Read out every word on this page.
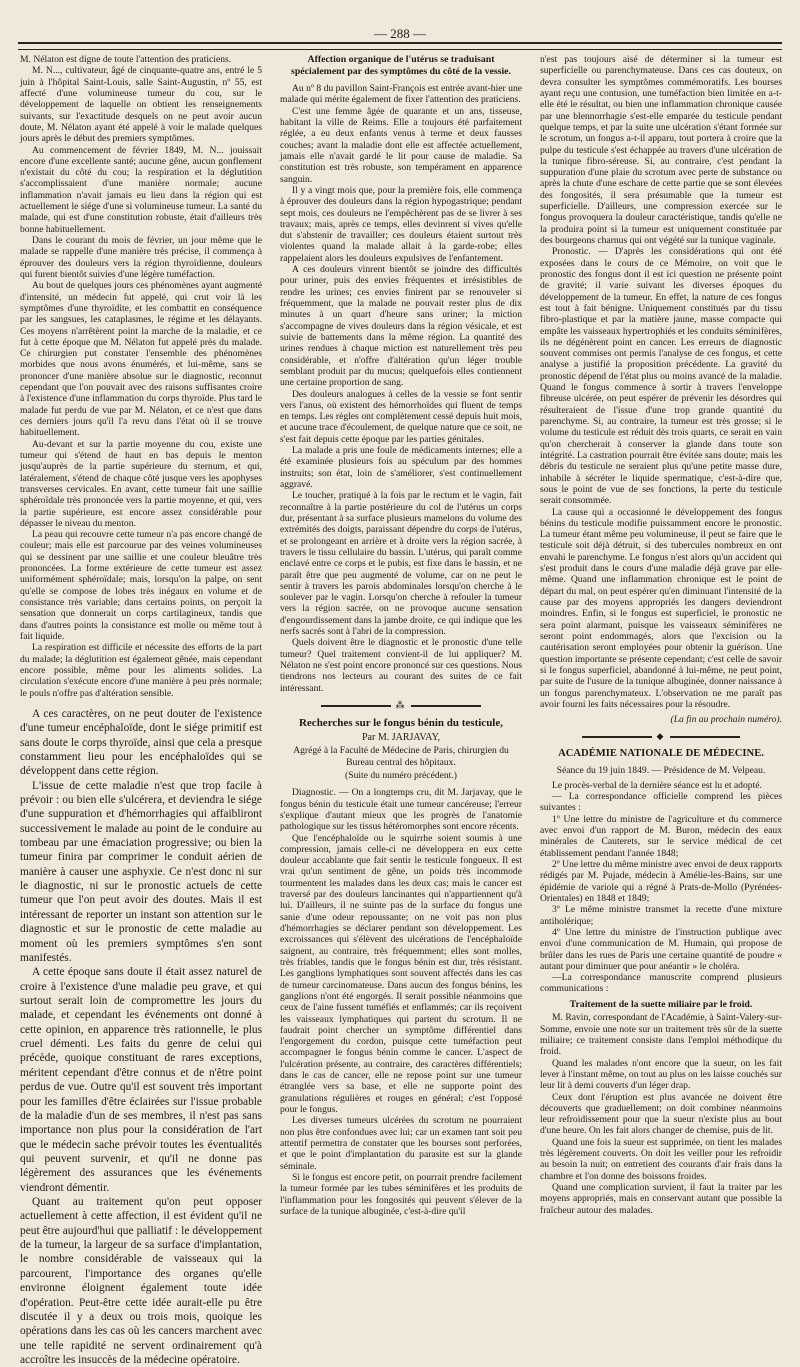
— 288 —

M. Nélaton est digne de toute l'attention des praticiens.

M. N..., cultivateur, âgé de cinquante-quatre ans, entré le 5 juin à l'hôpital Saint-Louis, salle Saint-Augustin, nº 55, est affecté d'une volumineuse tumeur du cou, sur le développement de laquelle on obtient les renseignements suivants, sur l'exactitude desquels on ne peut avoir aucun doute, M. Nélaton ayant été appelé à voir le malade quelques jours après le début des premiers symptômes.

Au commencement de février 1849, M. N... jouissait encore d'une excellente santé; aucune gêne, aucun gonflement n'existait du côté du cou; la respiration et la déglutition s'accomplissaient d'une manière normale; aucune inflammation n'avait jamais eu lieu dans la région qui est actuellement le siége d'une si volumineuse tumeur. La santé du malade, qui est d'une constitution robuste, était d'ailleurs très bonne habituellement.

Dans le courant du mois de février, un jour même que le malade se rappelle d'une manière très précise, il commença à éprouver des douleurs vers la région thyroïdienne, douleurs qui furent bientôt suivies d'une légère tuméfaction.

Au bout de quelques jours ces phénomènes ayant augmenté d'intensité, un médecin fut appelé, qui crut voir là les symptômes d'une thyroïdite, et les combattit en conséquence par les sangsues, les cataplasmes, le régime et les délayants. Ces moyens n'arrêtèrent point la marche de la maladie, et ce fut à cette époque que M. Nélaton fut appelé près du malade. Ce chirurgien put constater l'ensemble des phénomènes morbides que nous avons énumérés, et lui-même, sans se prononcer d'une manière absolue sur le diagnostic, reconnut cependant que l'on pouvait avec des raisons suffisantes croire à l'existence d'une inflammation du corps thyroïde. Plus tard le malade fut perdu de vue par M. Nélaton, et ce n'est que dans ces derniers jours qu'il l'a revu dans l'état où il se trouve habituellement.

Au-devant et sur la partie moyenne du cou, existe une tumeur qui s'étend de haut en bas depuis le menton jusqu'auprès de la partie supérieure du sternum, et qui, latéralement, s'étend de chaque côté jusque vers les apophyses transverses cervicales. En avant, cette tumeur fait une saillie sphéroïdale très prononcée vers la partie moyenne, et qui, vers la partie supérieure, est encore assez considérable pour dépasser le niveau du menton.

La peau qui recouvre cette tumeur n'a pas encore changé de couleur; mais elle est parcourue par des veines volumineuses qui se dessinent par une saillie et une couleur bleuâtre très prononcées. La forme extérieure de cette tumeur est assez uniformément sphéroïdale; mais, lorsqu'on la palpe, on sent qu'elle se compose de lobes très inégaux en volume et de consistance très variable; dans certains points, on perçoit la sensation que donnerait un corps cartilagineux, tandis que dans d'autres points la consistance est molle ou même tout à fait liquide.

La respiration est difficile et nécessite des efforts de la part du malade; la déglutition est également gênée, mais cependant encore possible, même pour les aliments solides. La circulation s'exécute encore d'une manière à peu près normale; le pouls n'offre pas d'altération sensible.

A ces caractères, on ne peut douter de l'existence d'une tumeur encéphaloïde, dont le siége primitif est sans doute le corps thyroïde, ainsi que cela a presque constamment lieu pour les encéphaloïdes qui se développent dans cette région.

L'issue de cette maladie n'est que trop facile à prévoir : ou bien elle s'ulcérera, et deviendra le siége d'une suppuration et d'hémorrhagies qui affaibliront successivement le malade au point de le conduire au tombeau par une émaciation progressive; ou bien la tumeur finira par comprimer le conduit aérien de manière à causer une asphyxie. Ce n'est donc ni sur le diagnostic, ni sur le pronostic actuels de cette tumeur que l'on peut avoir des doutes. Mais il est intéressant de reporter un instant son attention sur le diagnostic et sur le pronostic de cette maladie au moment où les premiers symptômes s'en sont manifestés.

A cette époque sans doute il était assez naturel de croire à l'existence d'une maladie peu grave, et qui surtout serait loin de compromettre les jours du malade, et cependant les événements ont donné à cette opinion, en apparence très rationnelle, le plus cruel démenti. Les faits du genre de celui qui précède, quoique constituant de rares exceptions, méritent cependant d'être connus et de n'être point perdus de vue. Outre qu'il est souvent très important pour les familles d'être éclairées sur l'issue probable de la maladie d'un de ses membres, il n'est pas sans importance non plus pour la considération de l'art que le médecin sache prévoir toutes les éventualités qui peuvent survenir, et qu'il ne donne pas légèrement des assurances que les événements viendront démentir.

Quant au traitement qu'on peut opposer actuellement à cette affection, il est évident qu'il ne peut être aujourd'hui que palliatif : le développement de la tumeur, la largeur de sa surface d'implantation, le nombre considérable de vaisseaux qui la parcourent, l'importance des organes qu'elle environne éloignent également toute idée d'opération. Peut-être cette idée aurait-elle pu être discutée il y a deux ou trois mois, quoique les opérations dans les cas où les cancers marchent avec une telle rapidité ne servent ordinairement qu'à accroître les insuccès de la médecine opératoire.

Affection organique de l'utérus se traduisant spécialement par des symptômes du côté de la vessie.

Au nº 8 du pavillon Saint-François est entrée avant-hier une malade qui mérite également de fixer l'attention des praticiens.

C'est une femme âgée de quarante et un ans, tisseuse, habitant la ville de Reims. Elle a toujours été parfaitement réglée, a eu deux enfants venus à terme et deux fausses couches; avant la maladie dont elle est affectée actuellement, jamais elle n'avait gardé le lit pour cause de maladie. Sa constitution est très robuste, son tempérament en apparence sanguin.

Il y a vingt mois que, pour la première fois, elle commença à éprouver des douleurs dans la région hypogastrique; pendant sept mois, ces douleurs ne l'empêchèrent pas de se livrer à ses travaux; mais, après ce temps, elles devinrent si vives qu'elle dut s'abstenir de travailler; ces douleurs étaient surtout très violentes quand la malade allait à la garde-robe; elles rappelaient alors les douleurs expulsives de l'enfantement.

A ces douleurs vinrent bientôt se joindre des difficultés pour uriner, puis des envies fréquentes et irrésistibles de rendre les urines; ces envies finirent par se renouveler si fréquemment, que la malade ne pouvait rester plus de dix minutes à un quart d'heure sans uriner; la miction s'accompagne de vives douleurs dans la région vésicale, et est suivie de battements dans la même région. La quantité des urines rendues à chaque miction est naturellement très peu considérable, et n'offre d'altération qu'un léger trouble semblant produit par du mucus; quelquefois elles contiennent une certaine proportion de sang.

Des douleurs analogues à celles de la vessie se font sentir vers l'anus, où existent des hémorrhoïdes qui fluent de temps en temps. Les règles ont complètement cessé depuis huit mois, et aucune trace d'écoulement, de quelque nature que ce soit, ne s'est fait depuis cette époque par les parties génitales.

La malade a pris une foule de médicaments internes; elle a été examinée plusieurs fois au spéculum par des hommes instruits; son état, loin de s'améliorer, s'est continuellement aggravé.

Le toucher, pratiqué à la fois par le rectum et le vagin, fait reconnaître à la partie postérieure du col de l'utérus un corps dur, présentant à sa surface plusieurs mamelons du volume des extrémités des doigts, paraissant dépendre du corps de l'utérus, et se prolongeant en arrière et à droite vers la région sacrée, à travers le tissu cellulaire du bassin. L'utérus, qui paraît comme enclavé entre ce corps et le pubis, est fixe dans le bassin, et ne paraît être que peu augmenté de volume, car on ne peut le sentir à travers les parois abdominales lorsqu'on cherche à le soulever par le vagin. Lorsqu'on cherche à refouler la tumeur vers la région sacrée, on ne provoque aucune sensation d'engourdissement dans la jambe droite, ce qui indique que les nerfs sacrés sont à l'abri de la compression.

Quels doivent être le diagnostic et le pronostic d'une telle tumeur? Quel traitement convient-il de lui appliquer? M. Nélaton ne s'est point encore prononcé sur ces questions. Nous tiendrons nos lecteurs au courant des suites de ce fait intéressant.

⁂
Recherches sur le fongus bénin du testicule,
Par M. JARJAVAY,
Agrégé à la Faculté de Médecine de Paris, chirurgien du Bureau central des hôpitaux.
(Suite du numéro précédent.)

Diagnostic. — On a longtemps cru, dit M. Jarjavay, que le fongus bénin du testicule était une tumeur cancéreuse; l'erreur s'explique d'autant mieux que les progrès de l'anatomie pathologique sur les tissus hétéromorphes sont encore récents.

Que l'encéphaloïde ou le squirrhe soient soumis à une compression, jamais celle-ci ne développera en eux cette douleur accablante que fait sentir le testicule fongueux. Il est vrai qu'un sentiment de gêne, un poids très incommode tourmentent les malades dans les deux cas; mais le cancer est traversé par des douleurs lancinantes qui n'appartiennent qu'à lui. D'ailleurs, il ne suinte pas de la surface du fongus une sanie d'une odeur repoussante; on ne voit pas non plus d'hémorrhagies se déclarer pendant son développement. Les excroissances qui s'élèvent des ulcérations de l'encéphaloïde saignent, au contraire, très fréquemment; elles sont molles, très friables, tandis que le fongus bénin est dur, très résistant. Les ganglions lymphatiques sont souvent affectés dans les cas de tumeur carcinomateuse. Dans aucun des fongus bénins, les ganglions n'ont été engorgés. Il serait possible néanmoins que ceux de l'aine fussent tuméfiés et enflammés; car ils reçoivent les vaisseaux lymphatiques qui partent du scrotum. Il ne faudrait point chercher un symptôme différentiel dans l'engorgement du cordon, puisque cette tuméfaction peut accompagner le fongus bénin comme le cancer. L'aspect de l'ulcération présente, au contraire, des caractères différentiels; dans le cas de cancer, elle ne repose point sur une tumeur étranglée vers sa base, et elle ne supporte point des granulations régulières et rouges en général; c'est l'opposé pour le fongus.

Les diverses tumeurs ulcérées du scrotum ne pourraient non plus être confondues avec lui; car un examen tant soit peu attentif permettra de constater que les bourses sont perforées, et que le point d'implantation du parasite est sur la glande séminale.

Si le fongus est encore petit, on pourrait prendre facilement la tumeur formée par les tubes séminifères et les produits de l'inflammation pour les fongosités qui peuvent s'élever de la surface de la tunique albuginée, c'est-à-dire qu'il

n'est pas toujours aisé de déterminer si la tumeur est superficielle ou parenchymateuse. Dans ces cas douteux, on devra consulter les symptômes commémoratifs. Les bourses ayant reçu une contusion, une tuméfaction bien limitée en a-t-elle été le résultat, ou bien une inflammation chronique causée par une blennorrhagie s'est-elle emparée du testicule pendant quelque temps, et par la suite une ulcération s'étant formée sur le scrotum, un fongus a-t-il apparu, tout portera à croire que la pulpe du testicule s'est échappée au travers d'une ulcération de la tunique fibro-séreuse. Si, au contraire, c'est pendant la suppuration d'une plaie du scrotum avec perte de substance ou après la chute d'une eschare de cette partie que se sont élevées des fongosités, il sera présumable que la tumeur est superficielle. D'ailleurs, une compression exercée sur le fongus provoquera la douleur caractéristique, tandis qu'elle ne la produira point si la tumeur est uniquement constituée par des bourgeons charnus qui ont végété sur la tunique vaginale.

Pronostic. — D'après les considérations qui ont été exposées dans le cours de ce Mémoire, on voit que le pronostic des fongus dont il est ici question ne présente point de gravité; il varie suivant les diverses époques du développement de la tumeur. En effet, la nature de ces fongus est tout à fait bénigne. Uniquement constitués par du tissu fibro-plastique et par la matière jaune, masse compacte qui empâte les vaisseaux hypertrophiés et les conduits séminifères, ils ne dégénèrent point en cancer. Les erreurs de diagnostic souvent commises ont permis l'analyse de ces fongus, et cette analyse a justifié la proposition précédente. La gravité du pronostic dépend de l'état plus ou moins avancé de la maladie. Quand le fongus commence à sortir à travers l'enveloppe fibreuse ulcérée, on peut espérer de prévenir les désordres qui résulteraient de l'issue d'une trop grande quantité du parenchyme. Si, au contraire, la tumeur est très grosse; si le volume du testicule est réduit dès trois quarts, ce serait en vain qu'on chercherait à conserver la glande dans toute son intégrité. La castration pourrait être évitée sans doute; mais les débris du testicule ne seraient plus qu'une petite masse dure, inhabile à sécréter le liquide spermatique, c'est-à-dire que, sous le point de vue de ses fonctions, la perte du testicule serait consommée.

La cause qui a occasionné le développement des fongus bénins du testicule modifie puissamment encore le pronostic. La tumeur étant même peu volumineuse, il peut se faire que le testicule soit déjà détruit, si des tubercules nombreux en ont envahi le parenchyme. Le fongus n'est alors qu'un accident qui s'est produit dans le cours d'une maladie déjà grave par elle-même. Quand une inflammation chronique est le point de départ du mal, on peut espérer qu'en diminuant l'intensité de la cause par des moyens appropriés les dangers deviendront moindres. Enfin, si le fongus est superficiel, le pronostic ne sera point alarmant, puisque les vaisseaux séminifères ne seront point endommagés, alors que l'excision ou la cautérisation seront employées pour obtenir la guérison. Une question importante se présente cependant; c'est celle de savoir si le fongus superficiel, abandonné à lui-même, ne peut point, par suite de l'usure de la tunique albuginée, donner naissance à un fongus parenchymateux. L'observation ne me paraît pas avoir fourni les faits nécessaires pour la résoudre.

(La fin au prochain numéro).
◆
ACADÉMIE NATIONALE DE MÉDECINE.
Séance du 19 juin 1849. — Présidence de M. Velpeau.

Le procès-verbal de la dernière séance est lu et adopté.

— La correspondance officielle comprend les pièces suivantes :

1º Une lettre du ministre de l'agriculture et du commerce avec envoi d'un rapport de M. Buron, médecin des eaux minérales de Cauterets, sur le service médical de cet établissement pendant l'année 1848;

2º Une lettre du même ministre avec envoi de deux rapports rédigés par M. Pujade, médecin à Amélie-les-Bains, sur une épidémie de variole qui a régné à Prats-de-Mollo (Pyrénées-Orientales) en 1848 et 1849;

3º Le même ministre transmet la recette d'une mixture antiholérique;

4º Une lettre du ministre de l'instruction publique avec envoi d'une communication de M. Humain, qui propose de brûler dans les rues de Paris une certaine quantité de poudre « autant pour diminuer que pour anéantir » le choléra.

—La correspondance manuscrite comprend plusieurs communications :

Traitement de la suette miliaire par le froid.

M. Ravin, correspondant de l'Académie, à Saint-Valery-sur-Somme, envoie une note sur un traitement très sûr de la suette miliaire; ce traitement consiste dans l'emploi méthodique du froid.

Quand les malades n'ont encore que la sueur, on les fait lever à l'instant même, on tout au plus on les laisse couchés sur leur lit à demi couverts d'un léger drap.

Ceux dont l'éruption est plus avancée ne doivent être découverts que graduellement; on doit combiner néanmoins leur refroidissement pour que la sueur n'existe plus au bout d'une heure. On les fait alors changer de chemise, puis de lit.

Quand une fois la sueur est supprimée, on tient les malades très légèrement couverts. On doit les veiller pour les refroidir au besoin la nuit; on entretient des courants d'air frais dans la chambre et l'on donne des boissons froides.

Quand une complication survient, il faut la traiter par les moyens appropriés, mais en conservant autant que possible la fraîcheur autour des malades.
